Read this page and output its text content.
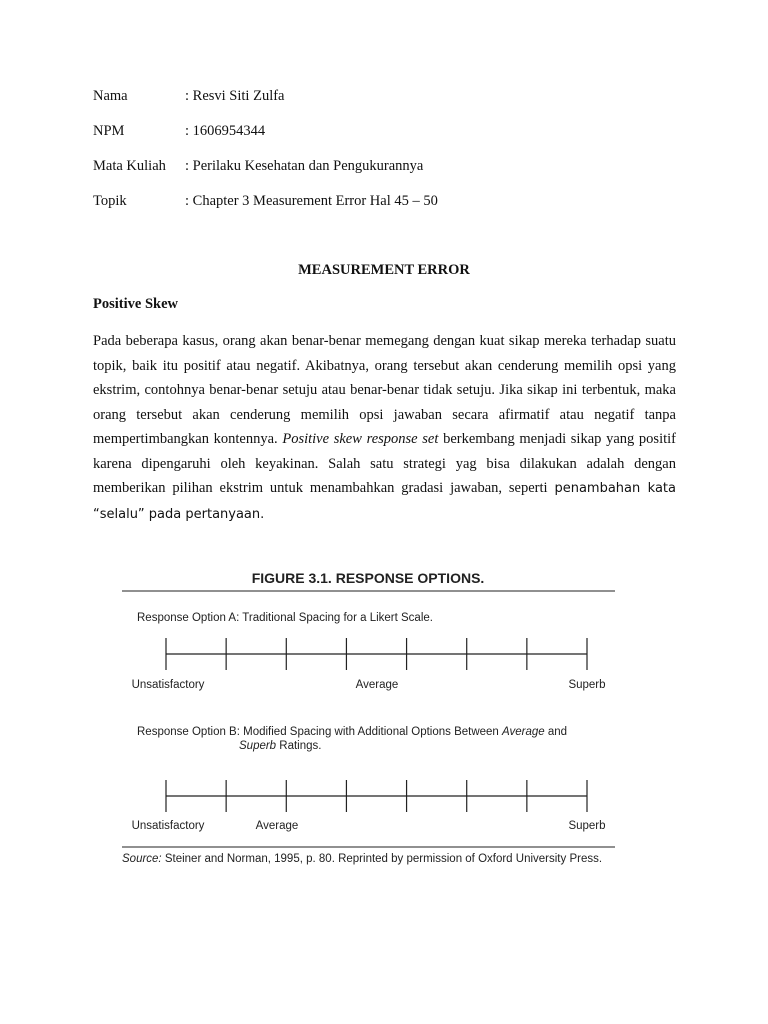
Nama	: Resvi Siti Zulfa
NPM	: 1606954344
Mata Kuliah : Perilaku Kesehatan dan Pengukurannya
Topik	: Chapter 3 Measurement Error Hal 45 – 50
MEASUREMENT ERROR
Positive Skew

Pada beberapa kasus, orang akan benar-benar memegang dengan kuat sikap mereka terhadap suatu topik, baik itu positif atau negatif. Akibatnya, orang tersebut akan cenderung memilih opsi yang ekstrim, contohnya benar-benar setuju atau benar-benar tidak setuju. Jika sikap ini terbentuk, maka orang tersebut akan cenderung memilih opsi jawaban secara afirmatif atau negatif tanpa mempertimbangkan kontennya. Positive skew response set berkembang menjadi sikap yang positif karena dipengaruhi oleh keyakinan. Salah satu strategi yag bisa dilakukan adalah dengan memberikan pilihan ekstrim untuk menambahkan gradasi jawaban, seperti penambahan kata “selalu” pada pertanyaan.

FIGURE 3.1. RESPONSE OPTIONS.
Response Option A: Traditional Spacing for a Likert Scale.
Unsatisfactory	Average	Superb
Response Option B: Modified Spacing with Additional Options Between Average and
Superb Ratings.
Unsatisfactory	Average	Superb
Source: Steiner and Norman, 1995, p. 80. Reprinted by permission of Oxford University Press.
